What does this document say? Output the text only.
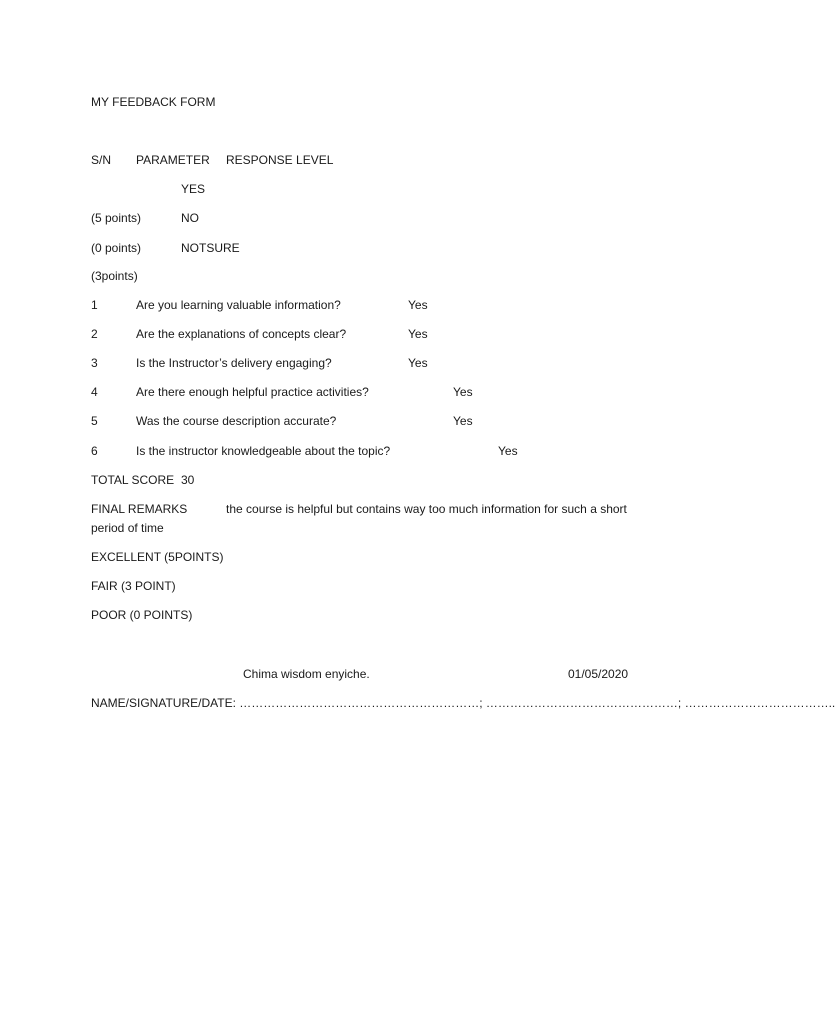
MY FEEDBACK FORM
S/N PARAMETER RESPONSE LEVEL
YES
(5 points)	NO
(0 points)	NOTSURE
(3points)
1	Are you learning valuable information?	Yes
2	Are the explanations of concepts clear?	Yes
3	Is the Instructor’s delivery engaging?	Yes
4	Are there enough helpful practice activities?	Yes
5	Was the course description accurate?	Yes
6	Is the instructor knowledgeable about the topic?	Yes
TOTAL SCORE 30
FINAL REMARKS	the course is helpful but contains way too much information for such a short
period of time
EXCELLENT (5POINTS)
FAIR (3 POINT)
POOR (0 POINTS)
Chima wisdom enyiche.	01/05/2020
NAME/SIGNATURE/DATE: ……………………………………………………; …………………………………………; ………………………………..
